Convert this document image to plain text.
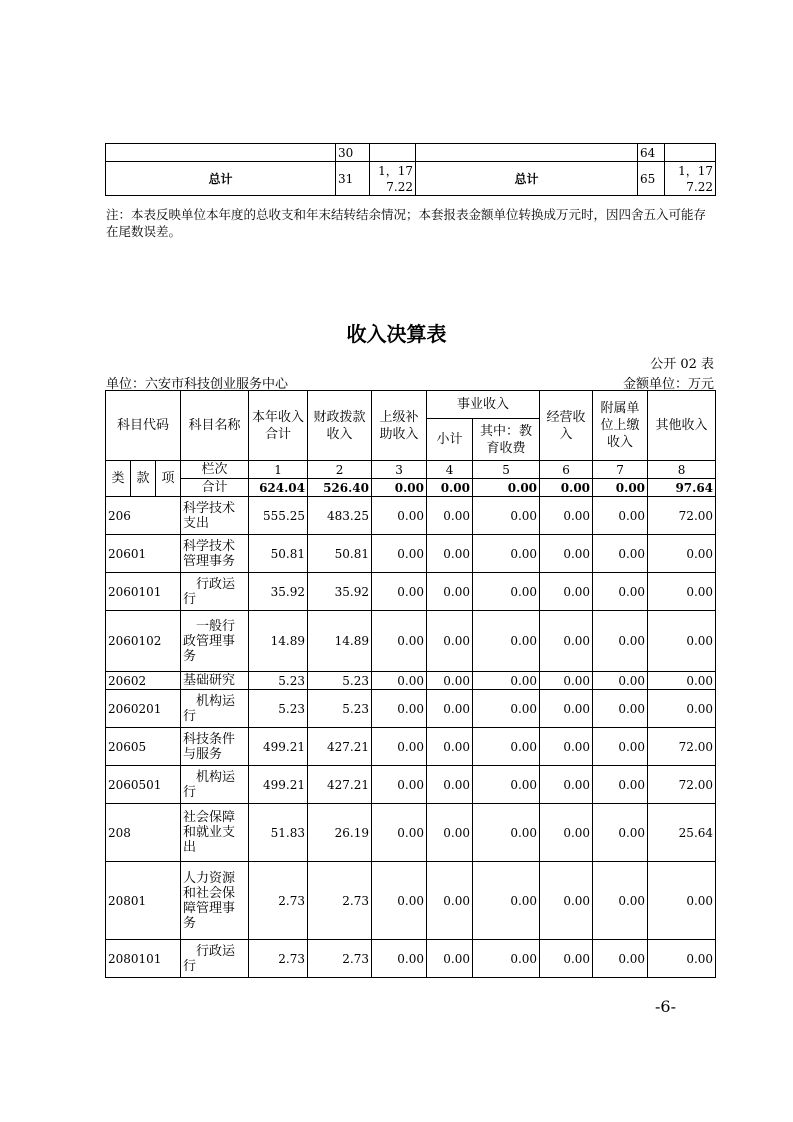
	30			64	
总计	31	1，177.22	总计	65	1，177.22
注：本表反映单位本年度的总收支和年末结转结余情况；本套报表金额单位转换成万元时，因四舍五入可能存在尾数误差。
收入决算表
公开 02 表
单位：六安市科技创业服务中心	金额单位：万元
科目代码			科目名称	本年收入合计	财政拨款收入	上级补助收入	事业收入		经营收入	附属单位上缴收入	其他收入
							小计	其中：教育收费			
类	款	项	栏次	1	2	3	4	5	6	7	8
			合计	624.04	526.40	0.00	0.00	0.00	0.00	0.00	97.64
206			科学技术支出	555.25	483.25	0.00	0.00	0.00	0.00	0.00	72.00
20601			科学技术管理事务	50.81	50.81	0.00	0.00	0.00	0.00	0.00	0.00
2060101			　行政运行	35.92	35.92	0.00	0.00	0.00	0.00	0.00	0.00
2060102			　一般行政管理事务	14.89	14.89	0.00	0.00	0.00	0.00	0.00	0.00
20602			基础研究	5.23	5.23	0.00	0.00	0.00	0.00	0.00	0.00
2060201			　机构运行	5.23	5.23	0.00	0.00	0.00	0.00	0.00	0.00
20605			科技条件与服务	499.21	427.21	0.00	0.00	0.00	0.00	0.00	72.00
2060501			　机构运行	499.21	427.21	0.00	0.00	0.00	0.00	0.00	72.00
208			社会保障和就业支出	51.83	26.19	0.00	0.00	0.00	0.00	0.00	25.64
20801			人力资源和社会保障管理事务	2.73	2.73	0.00	0.00	0.00	0.00	0.00	0.00
2080101			　行政运行	2.73	2.73	0.00	0.00	0.00	0.00	0.00	0.00
-6-
